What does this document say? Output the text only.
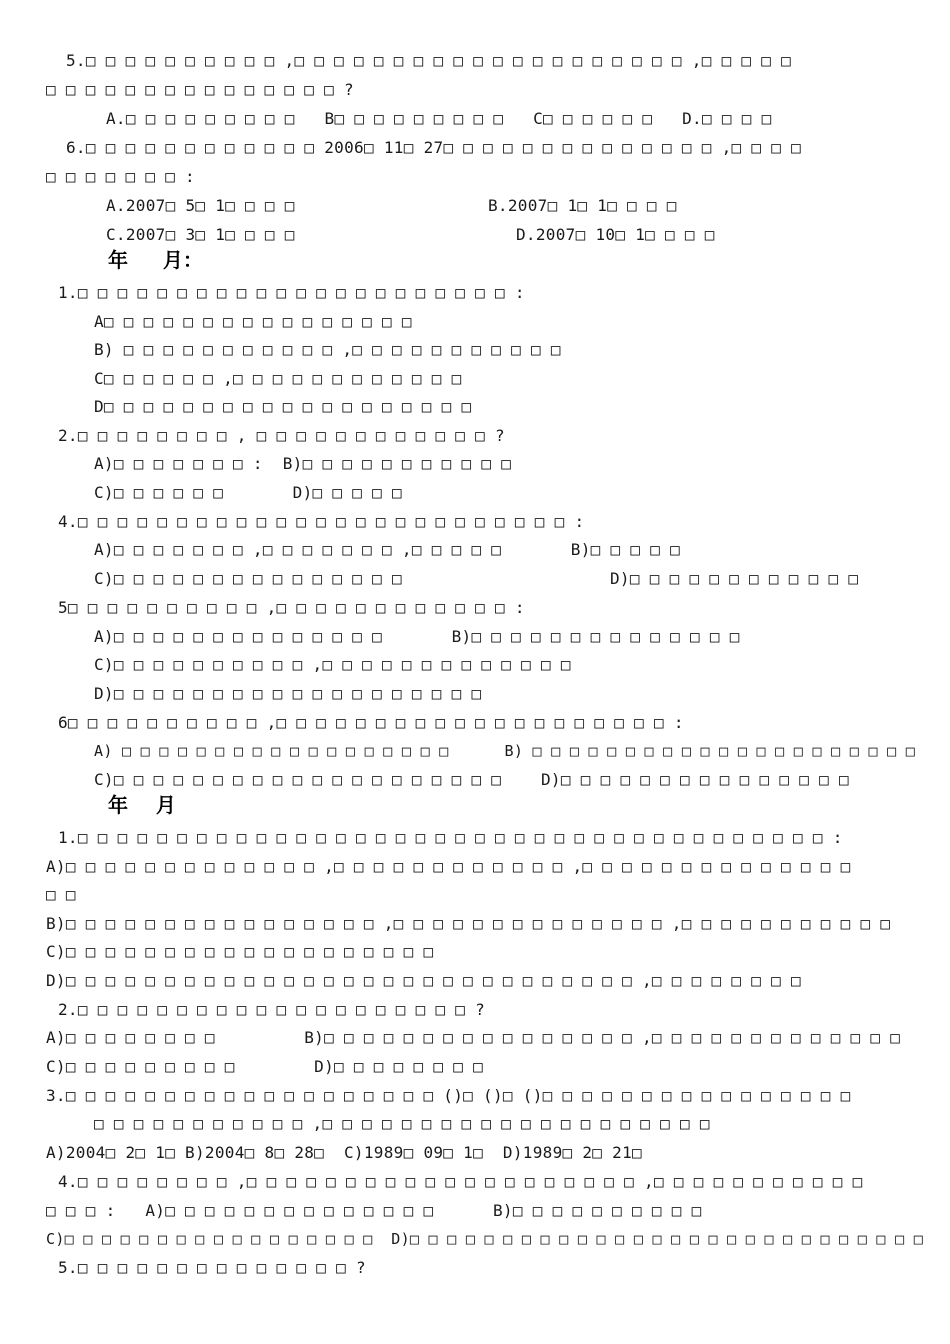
5.□ □ □ □ □ □ □ □ □ □ ,□ □ □ □ □ □ □ □ □ □ □ □ □ □ □ □ □ □ □ □ ,□ □ □ □ □
□ □ □ □ □ □ □ □ □ □ □ □ □ □ □ ?
A.□ □ □ □ □ □ □ □ □   B□ □ □ □ □ □ □ □ □   C□ □ □ □ □ □   D.□ □ □ □
6.□ □ □ □ □ □ □ □ □ □ □ □ 2006□ 11□ 27□ □ □ □ □ □ □ □ □ □ □ □ □ □ ,□ □ □ □
□ □ □ □ □ □ □ :
A.2007□ 5□ 1□ □ □ □	B.2007□ 1□ 1□ □ □ □
C.2007□ 3□ 1□ □ □ □	D.2007□ 10□ 1□ □ □ □
年     月：
1.□ □ □ □ □ □ □ □ □ □ □ □ □ □ □ □ □ □ □ □ □ □ :
A□ □ □ □ □ □ □ □ □ □ □ □ □ □ □ □
B) □ □ □ □ □ □ □ □ □ □ □ ,□ □ □ □ □ □ □ □ □ □ □
C□ □ □ □ □ □ ,□ □ □ □ □ □ □ □ □ □ □ □
D□ □ □ □ □ □ □ □ □ □ □ □ □ □ □ □ □ □ □
2.□ □ □ □ □ □ □ □ , □ □ □ □ □ □ □ □ □ □ □ □ ?
A)□ □ □ □ □ □ □ :  B)□ □ □ □ □ □ □ □ □ □ □
C)□ □ □ □ □ □       D)□ □ □ □ □
4.□ □ □ □ □ □ □ □ □ □ □ □ □ □ □ □ □ □ □ □ □ □ □ □ □ :
A)□ □ □ □ □ □ □ ,□ □ □ □ □ □ □ ,□ □ □ □ □       B)□ □ □ □ □
C)□ □ □ □ □ □ □ □ □ □ □ □ □ □ □	D)□ □ □ □ □ □ □ □ □ □ □ □
5□ □ □ □ □ □ □ □ □ □ ,□ □ □ □ □ □ □ □ □ □ □ □ :
A)□ □ □ □ □ □ □ □ □ □ □ □ □ □       B)□ □ □ □ □ □ □ □ □ □ □ □ □ □
C)□ □ □ □ □ □ □ □ □ □ ,□ □ □ □ □ □ □ □ □ □ □ □ □
D)□ □ □ □ □ □ □ □ □ □ □ □ □ □ □ □ □ □ □
6□ □ □ □ □ □ □ □ □ □ ,□ □ □ □ □ □ □ □ □ □ □ □ □ □ □ □ □ □ □ □ :
A) □ □ □ □ □ □ □ □ □ □ □ □ □ □ □ □ □ □      B) □ □ □ □ □ □ □ □ □ □ □ □ □ □ □ □ □ □ □ □ □
C)□ □ □ □ □ □ □ □ □ □ □ □ □ □ □ □ □ □ □ □    D)□ □ □ □ □ □ □ □ □ □ □ □ □ □ □
年    月
1.□ □ □ □ □ □ □ □ □ □ □ □ □ □ □ □ □ □ □ □ □ □ □ □ □ □ □ □ □ □ □ □ □ □ □ □ □ □ :
A)□ □ □ □ □ □ □ □ □ □ □ □ □ ,□ □ □ □ □ □ □ □ □ □ □ □ ,□ □ □ □ □ □ □ □ □ □ □ □ □ □
□ □
B)□ □ □ □ □ □ □ □ □ □ □ □ □ □ □ □ ,□ □ □ □ □ □ □ □ □ □ □ □ □ □ ,□ □ □ □ □ □ □ □ □ □ □
C)□ □ □ □ □ □ □ □ □ □ □ □ □ □ □ □ □ □ □
D)□ □ □ □ □ □ □ □ □ □ □ □ □ □ □ □ □ □ □ □ □ □ □ □ □ □ □ □ □ ,□ □ □ □ □ □ □ □
2.□ □ □ □ □ □ □ □ □ □ □ □ □ □ □ □ □ □ □ □ ?
A)□ □ □ □ □ □ □ □         B)□ □ □ □ □ □ □ □ □ □ □ □ □ □ □ □ ,□ □ □ □ □ □ □ □ □ □ □ □ □
C)□ □ □ □ □ □ □ □ □        D)□ □ □ □ □ □ □ □
3.□ □ □ □ □ □ □ □ □ □ □ □ □ □ □ □ □ □ □ ()□ ()□ ()□ □ □ □ □ □ □ □ □ □ □ □ □ □ □ □
□ □ □ □ □ □ □ □ □ □ □ ,□ □ □ □ □ □ □ □ □ □ □ □ □ □ □ □ □ □ □ □
A)2004□ 2□ 1□ B)2004□ 8□ 28□  C)1989□ 09□ 1□  D)1989□ 2□ 21□
4.□ □ □ □ □ □ □ □ ,□ □ □ □ □ □ □ □ □ □ □ □ □ □ □ □ □ □ □ □ ,□ □ □ □ □ □ □ □ □ □ □
□ □ □ :   A)□ □ □ □ □ □ □ □ □ □ □ □ □ □      B)□ □ □ □ □ □ □ □ □ □
C)□ □ □ □ □ □ □ □ □ □ □ □ □ □ □ □ □  D)□ □ □ □ □ □ □ □ □ □ □ □ □ □ □ □ □ □ □ □ □ □ □ □ □ □ □ □
5.□ □ □ □ □ □ □ □ □ □ □ □ □ □ ?
